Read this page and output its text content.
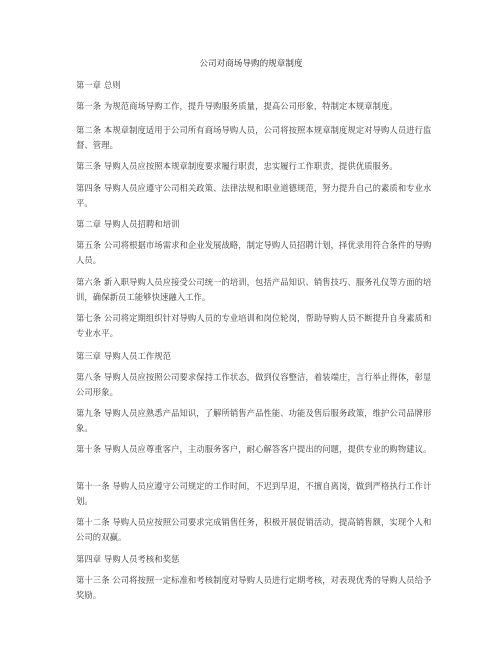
公司对商场导购的规章制度

第一章 总则

第一条 为规范商场导购工作，提升导购服务质量，提高公司形象，特制定本规章制度。

第二条 本规章制度适用于公司所有商场导购人员，公司将按照本规章制度规定对导购人员进行监督、管理。

第三条 导购人员应按照本规章制度要求履行职责，忠实履行工作职责，提供优质服务。

第四条 导购人员应遵守公司相关政策、法律法规和职业道德规范，努力提升自己的素质和专业水平。

第二章 导购人员招聘和培训

第五条 公司将根据市场需求和企业发展战略，制定导购人员招聘计划，择优录用符合条件的导购人员。

第六条 新入职导购人员应接受公司统一的培训，包括产品知识、销售技巧、服务礼仪等方面的培训，确保新员工能够快速融入工作。

第七条 公司将定期组织针对导购人员的专业培训和岗位轮岗，帮助导购人员不断提升自身素质和专业水平。

第三章 导购人员工作规范

第八条 导购人员应按照公司要求保持工作状态，做到仪容整洁，着装端庄，言行举止得体，彰显公司形象。

第九条 导购人员应熟悉产品知识，了解所销售产品性能、功能及售后服务政策，维护公司品牌形象。

第十条 导购人员应尊重客户，主动服务客户，耐心解答客户提出的问题，提供专业的购物建议。

第十一条 导购人员应遵守公司规定的工作时间，不迟到早退，不擅自离岗，做到严格执行工作计划。

第十二条 导购人员应按照公司要求完成销售任务，积极开展促销活动，提高销售额，实现个人和公司的双赢。

第四章 导购人员考核和奖惩

第十三条 公司将按照一定标准和考核制度对导购人员进行定期考核，对表现优秀的导购人员给予奖励。
